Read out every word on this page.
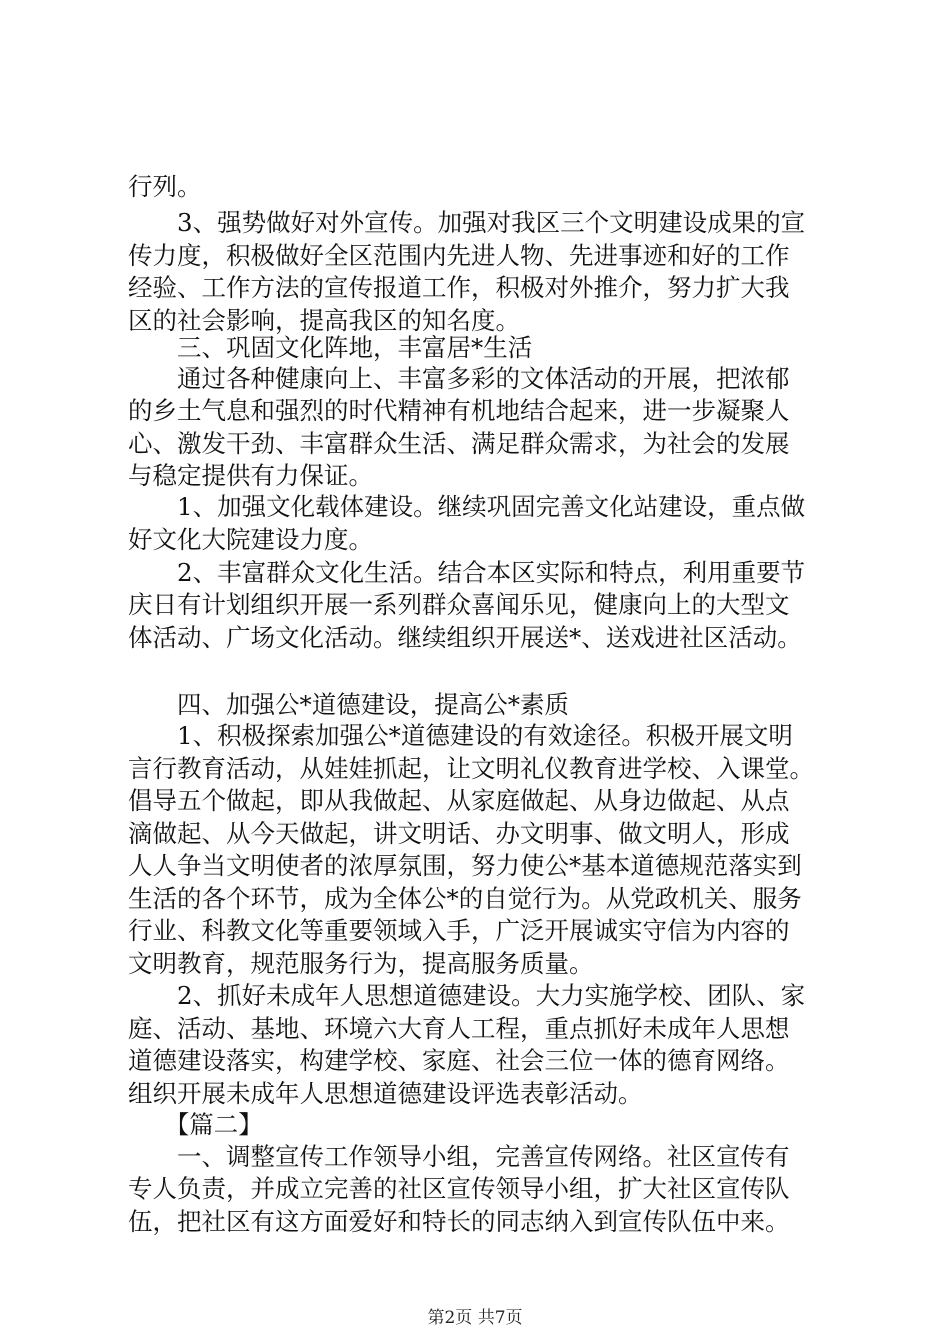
行列。
　　3、强势做好对外宣传。加强对我区三个文明建设成果的宣
传力度，积极做好全区范围内先进人物、先进事迹和好的工作
经验、工作方法的宣传报道工作，积极对外推介，努力扩大我
区的社会影响，提高我区的知名度。
　　三、巩固文化阵地，丰富居*生活
　　通过各种健康向上、丰富多彩的文体活动的开展，把浓郁
的乡土气息和强烈的时代精神有机地结合起来，进一步凝聚人
心、激发干劲、丰富群众生活、满足群众需求，为社会的发展
与稳定提供有力保证。
　　1、加强文化载体建设。继续巩固完善文化站建设，重点做
好文化大院建设力度。
　　2、丰富群众文化生活。结合本区实际和特点，利用重要节
庆日有计划组织开展一系列群众喜闻乐见，健康向上的大型文
体活动、广场文化活动。继续组织开展送*、送戏进社区活动。
　　四、加强公*道德建设，提高公*素质
　　1、积极探索加强公*道德建设的有效途径。积极开展文明
言行教育活动，从娃娃抓起，让文明礼仪教育进学校、入课堂。
倡导五个做起，即从我做起、从家庭做起、从身边做起、从点
滴做起、从今天做起，讲文明话、办文明事、做文明人，形成
人人争当文明使者的浓厚氛围，努力使公*基本道德规范落实到
生活的各个环节，成为全体公*的自觉行为。从党政机关、服务
行业、科教文化等重要领域入手，广泛开展诚实守信为内容的
文明教育，规范服务行为，提高服务质量。
　　2、抓好未成年人思想道德建设。大力实施学校、团队、家
庭、活动、基地、环境六大育人工程，重点抓好未成年人思想
道德建设落实，构建学校、家庭、社会三位一体的德育网络。
组织开展未成年人思想道德建设评选表彰活动。
　　【篇二】
　　一、调整宣传工作领导小组，完善宣传网络。社区宣传有
专人负责，并成立完善的社区宣传领导小组，扩大社区宣传队
伍，把社区有这方面爱好和特长的同志纳入到宣传队伍中来。
第2页 共7页
